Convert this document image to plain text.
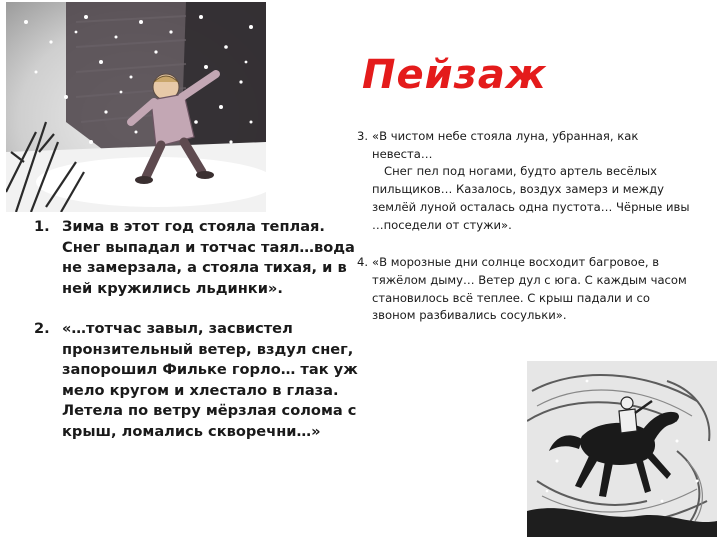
Пейзаж
1. Зима в этот год стояла теплая. Снег выпадал и тотчас таял…вода не замерзала, а стояла тихая, и в ней кружились льдинки».
2. «…тотчас завыл, засвистел пронзительный ветер, вздул снег, запорошил Фильке горло… так уж мело кругом и хлестало в глаза. Летела по ветру мёрзлая солома с крыш, ломались скворечни…»
3. «В чистом небе стояла луна, убранная, как невеста…

Снег пел под ногами, будто артель весёлых пильщиков… Казалось, воздух замерз и между землёй луной осталась одна пустота… Чёрные ивы …поседели от стужи».

4. «В морозные дни солнце восходит багровое, в тяжёлом дыму… Ветер дул с юга. С каждым часом становилось всё теплее. С крыш падали и со звоном разбивались сосульки».
